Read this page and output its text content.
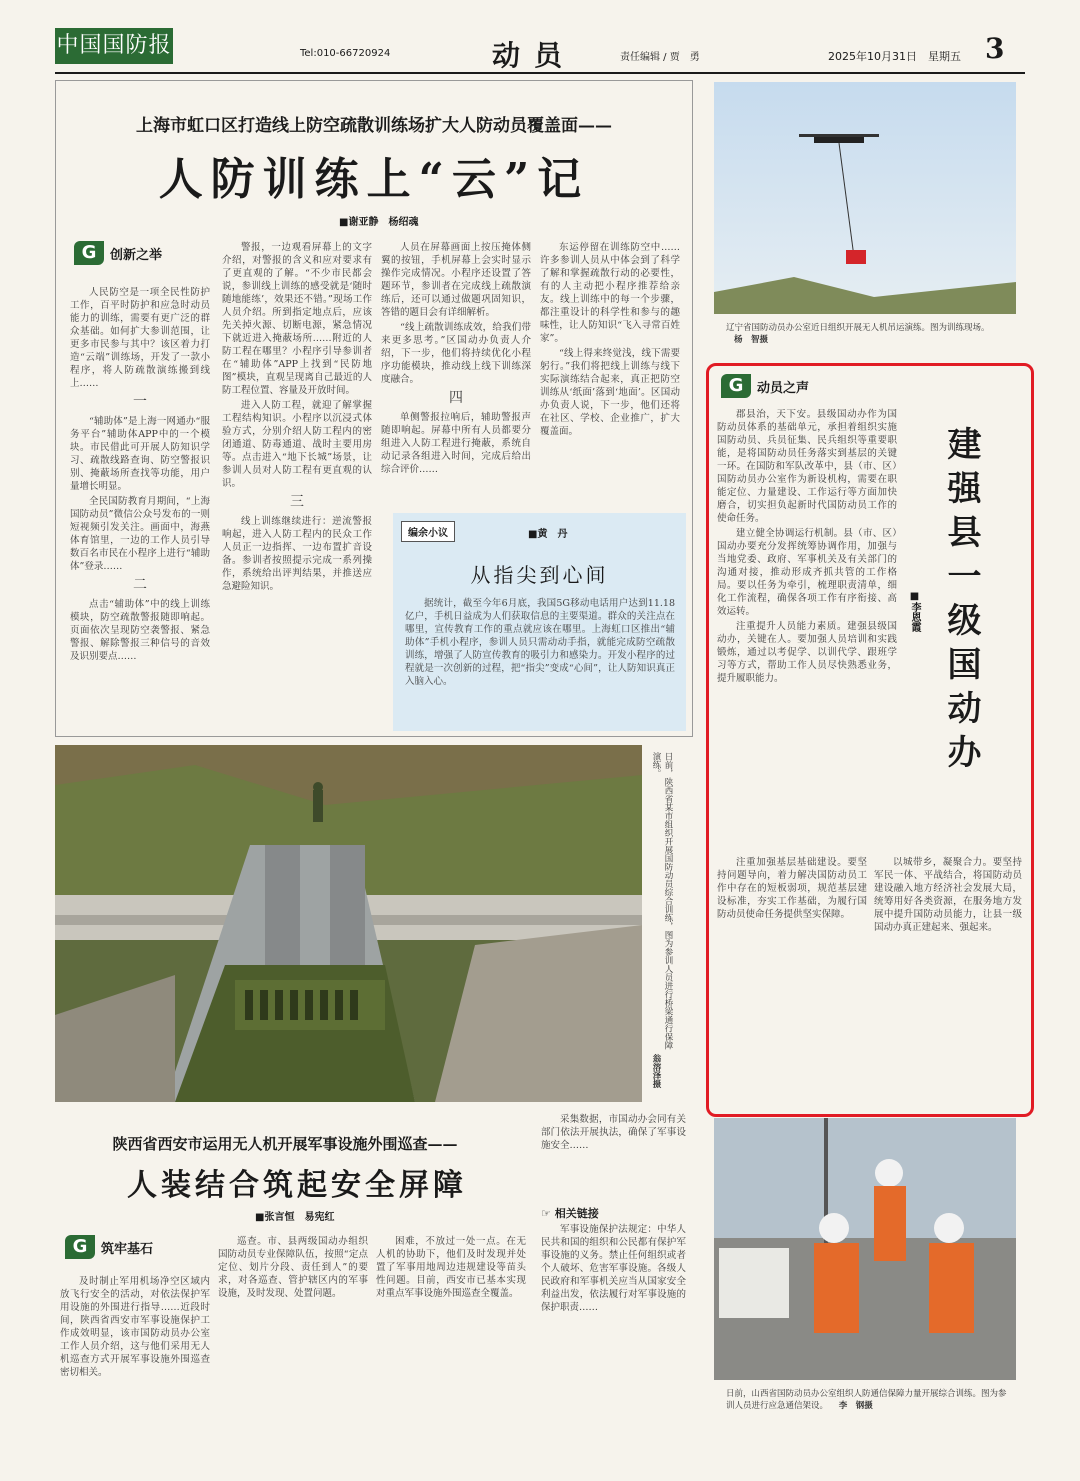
中国国防报	Tel:010-66720924	动员	责任编辑 / 贾　勇	2025年10月31日　星期五 3
上海市虹口区打造线上防空疏散训练场扩大人防动员覆盖面——
人防训练上“云”记
■谢亚静　杨绍魂
G 创新之举

人民防空是一项全民性防护工作，百平时防护和应急时动员能力的训练，需要有更广泛的群众基础。如何扩大参训范围，让更多市民参与其中？该区着力打造“云端”训练场，开发了一款小程序，将人防疏散演练搬到线上……

一

“辅助体”是上海一网通办“服务平台”辅助体APP中的一个模块。市民借此可开展人防知识学习、疏散线路查询、防空警报识别、掩蔽场所查找等功能，用户量增长明显。

全民国防教育月期间，“上海国防动员”微信公众号发布的一则短视频引发关注。画面中，海燕体育馆里，一边的工作人员引导数百名市民在小程序上进行“辅助体”登录……

二

点击“辅助体”中的线上训练模块，防空疏散警报随即响起。页面依次呈现防空袭警报、紧急警报、解除警报三种信号的音效及识别要点……

警报，一边观看屏幕上的文字介绍，对警报的含义和应对要求有了更直观的了解。“不少市民都会说，参训线上训练的感受就是‘随时随地能练’，效果还不错。”现场工作人员介绍。所到指定地点后，应该先关掉火源、切断电源，紧急情况下就近进入掩蔽场所……附近的人防工程在哪里？小程序引导参训者在“辅助体”APP上找到“民防地图”模块，直观呈现离自己最近的人防工程位置、容量及开放时间。

进入人防工程，就迎了解掌握工程结构知识。小程序以沉浸式体验方式，分别介绍人防工程内的密闭通道、防毒通道、战时主要用房等。点击进入“地下长城”场景，让参训人员对人防工程有更直观的认识。

三

线上训练继续进行：逆流警报响起，进入人防工程内的民众工作人员正一边指挥、一边布置扩音设备。参训者按照提示完成一系列操作，系统给出评判结果，并推送应急避险知识。

人员在屏幕画面上按压掩体侧翼的按钮，手机屏幕上会实时显示操作完成情况。小程序还设置了答题环节，参训者在完成线上疏散演练后，还可以通过做题巩固知识，答错的题目会有详细解析。

“线上疏散训练成效，给我们带来更多思考。”区国动办负责人介绍，下一步，他们将持续优化小程序功能模块，推动线上线下训练深度融合。

四

单侧警报拉响后，辅助警报声随即响起。屏幕中所有人员都要分组进入人防工程进行掩蔽，系统自动记录各组进入时间，完成后给出综合评价……

东运停留在训练防空中……许多参训人员从中体会到了科学了解和掌握疏散行动的必要性，有的人主动把小程序推荐给亲友。线上训练中的每一个步骤，都注重设计的科学性和参与的趣味性，让人防知识“飞入寻常百姓家”。

“线上得来终觉浅，线下需要躬行。”我们将把线上训练与线下实际演练结合起来，真正把防空训练从‘纸面’落到‘地面’。区国动办负责人说，下一步，他们还将在社区、学校、企业推广，扩大覆盖面。

编余小议	■黄　丹
从指尖到心间

据统计，截至今年6月底，我国5G移动电话用户达到11.18亿户，手机日益成为人们获取信息的主要渠道。群众的关注点在哪里，宣传教育工作的重点就应该在哪里。上海虹口区推出“辅助体”手机小程序，参训人员只需动动手指，就能完成防空疏散训练，增强了人防宣传教育的吸引力和感染力。开发小程序的过程就是一次创新的过程，把“指尖”变成“心间”，让人防知识真正入脑入心。

日前，陕西省某市组织开展国防动员综合训练，图为参训人员进行桥梁通行保障演练。
翁溶泽摄
陕西省西安市运用无人机开展军事设施外围巡查——
人装结合筑起安全屏障
■张言恒　易宪红
G 筑牢基石

及时制止军用机场净空区域内放飞行安全的活动，对依法保护军用设施的外围进行指导……近段时间，陕西省西安市军事设施保护工作成效明显，该市国防动员办公室工作人员介绍，这与他们采用无人机巡查方式开展军事设施外围巡查密切相关。

巡查。市、县两级国动办组织国防动员专业保障队伍，按照“定点定位、划片分段、责任到人”的要求，对各巡查、管护辖区内的军事设施，及时发现、处置问题。

困难，不放过一处一点。在无人机的协助下，他们及时发现并处置了军事用地周边违规建设等苗头性问题。目前，西安市已基本实现对重点军事设施外围巡查全覆盖。

采集数据，市国动办会同有关部门依法开展执法，确保了军事设施安全……

☞ 相关链接

军事设施保护法规定：中华人民共和国的组织和公民都有保护军事设施的义务。禁止任何组织或者个人破坏、危害军事设施。各级人民政府和军事机关应当从国家安全利益出发，依法履行对军事设施的保护职责……

辽宁省国防动员办公室近日组织开展无人机吊运演练。图为训练现场。 杨　智摄
G 动员之声
建强县一级国动办
■李恩霞

郡县治，天下安。县级国动办作为国防动员体系的基础单元，承担着组织实施国防动员、兵员征集、民兵组织等重要职能，是将国防动员任务落实到基层的关键一环。在国防和军队改革中，县（市、区）国防动员办公室作为新设机构，需要在职能定位、力量建设、工作运行等方面加快磨合，切实担负起新时代国防动员工作的使命任务。

建立健全协调运行机制。县（市、区）国动办要充分发挥统筹协调作用，加强与当地党委、政府、军事机关及有关部门的沟通对接，推动形成齐抓共管的工作格局。要以任务为牵引，梳理职责清单，细化工作流程，确保各项工作有序衔接、高效运转。

注重提升人员能力素质。建强县级国动办，关键在人。要加强人员培训和实践锻炼，通过以考促学、以训代学、跟班学习等方式，帮助工作人员尽快熟悉业务，提升履职能力。

注重加强基层基础建设。要坚持问题导向，着力解决国防动员工作中存在的短板弱项，规范基层建设标准，夯实工作基础，为履行国防动员使命任务提供坚实保障。

以城带乡，凝聚合力。要坚持军民一体、平战结合，将国防动员建设融入地方经济社会发展大局，统筹用好各类资源，在服务地方发展中提升国防动员能力，让县一级国动办真正建起来、强起来。

日前，山西省国防动员办公室组织人防通信保障力量开展综合训练。图为参训人员进行应急通信架设。 李　钢摄
